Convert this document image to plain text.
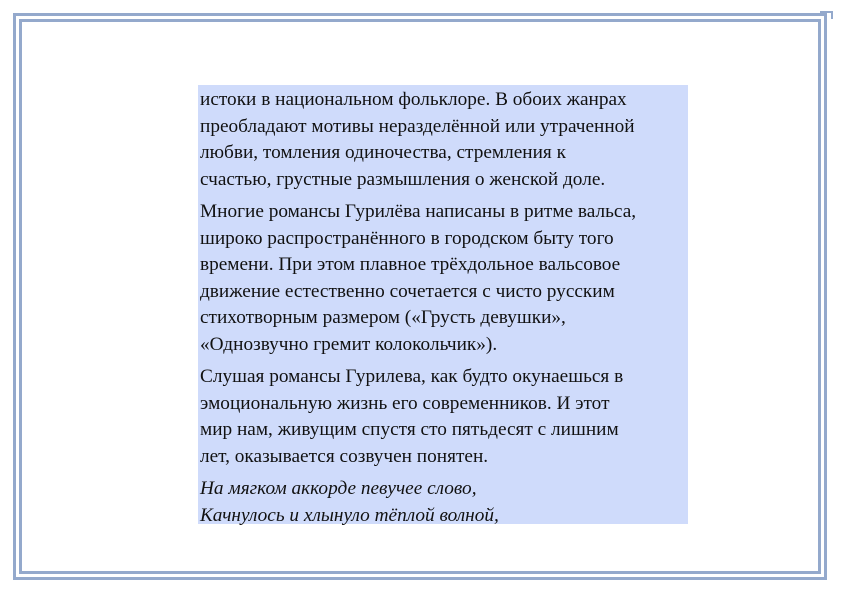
истоки в национальном фольклоре. В обоих жанрах
преобладают мотивы неразделённой или утраченной
любви, томления одиночества, стремления к
счастью, грустные размышления о женской доле.
Многие романсы Гурилёва написаны в ритме вальса,
широко распространённого в городском быту того
времени. При этом плавное трёхдольное вальсовое
движение естественно сочетается с чисто русским
стихотворным размером («Грусть девушки»,
«Однозвучно гремит колокольчик»).
Слушая романсы Гурилева, как будто окунаешься в
эмоциональную жизнь его современников. И этот
мир нам, живущим спустя сто пятьдесят с лишним
лет, оказывается созвучен понятен.
На мягком аккорде певучее слово,
Качнулось и хлынуло тёплой волной,
